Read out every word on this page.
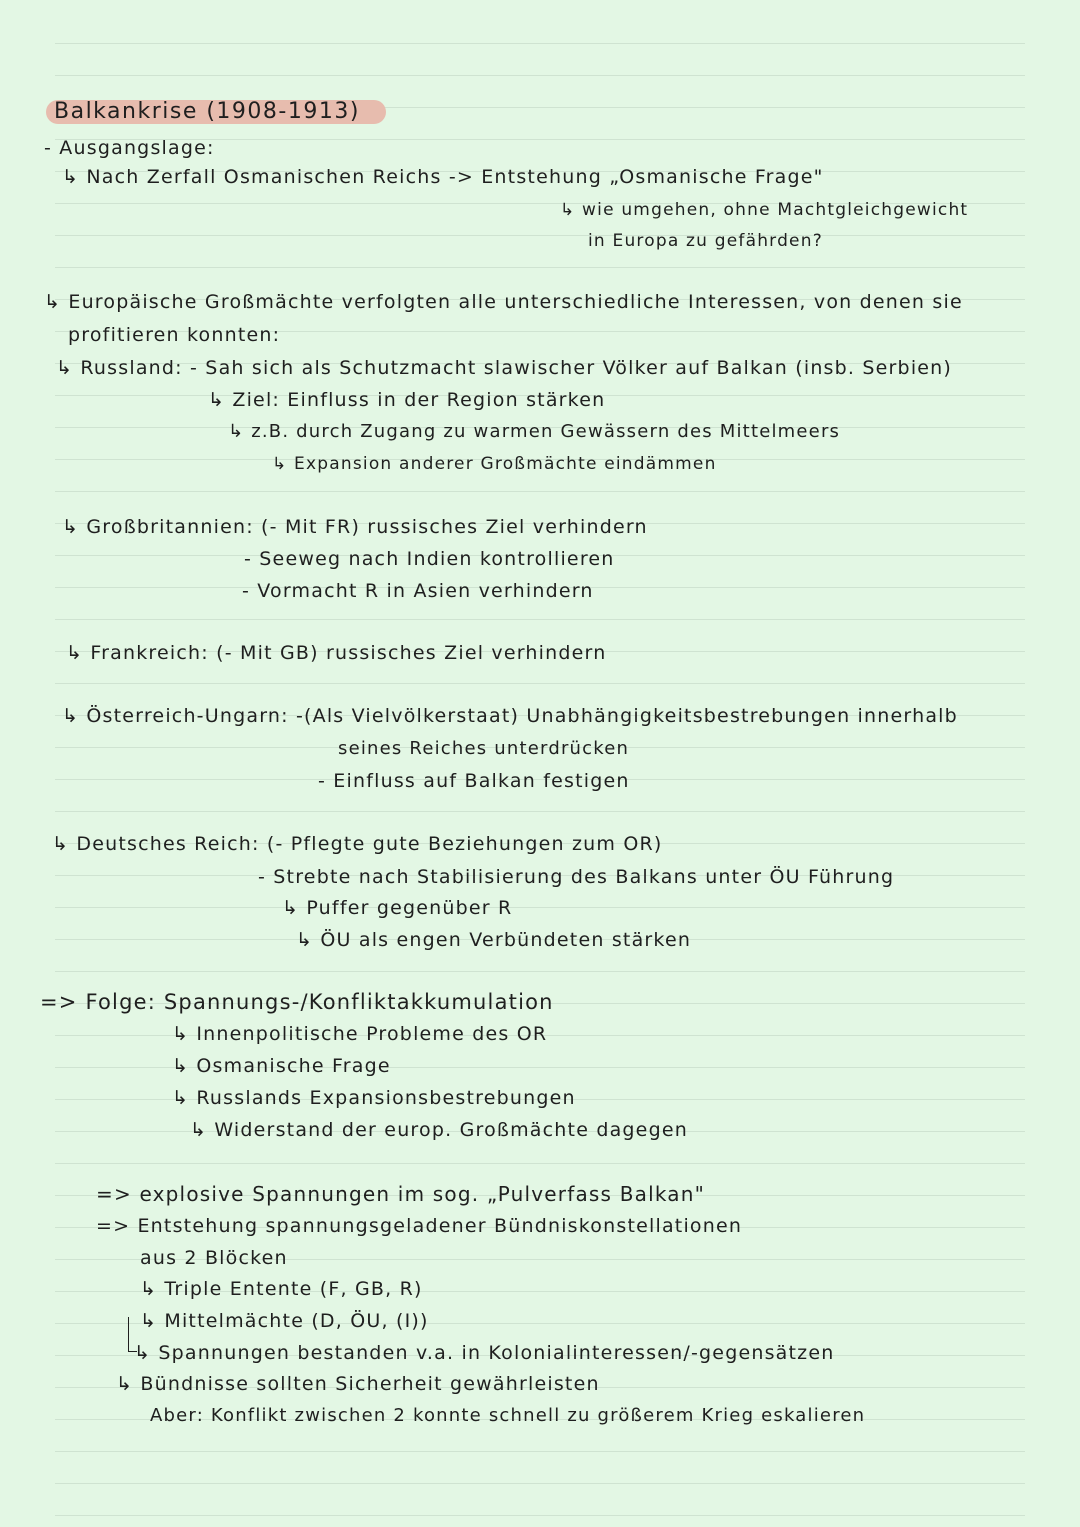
Balkankrise (1908-1913)
- Ausgangslage:
↳ Nach Zerfall Osmanischen Reichs -> Entstehung „Osmanische Frage"
↳ wie umgehen, ohne Machtgleichgewicht
in Europa zu gefährden?
↳ Europäische Großmächte verfolgten alle unterschiedliche Interessen, von denen sie
profitieren konnten:
↳ Russland: - Sah sich als Schutzmacht slawischer Völker auf Balkan (insb. Serbien)
↳ Ziel: Einfluss in der Region stärken
↳ z.B. durch Zugang zu warmen Gewässern des Mittelmeers
↳ Expansion anderer Großmächte eindämmen
↳ Großbritannien: (- Mit FR) russisches Ziel verhindern
- Seeweg nach Indien kontrollieren
- Vormacht R in Asien verhindern
↳ Frankreich: (- Mit GB) russisches Ziel verhindern
↳ Österreich-Ungarn: -(Als Vielvölkerstaat) Unabhängigkeitsbestrebungen innerhalb
seines Reiches unterdrücken
- Einfluss auf Balkan festigen
↳ Deutsches Reich: (- Pflegte gute Beziehungen zum OR)
- Strebte nach Stabilisierung des Balkans unter ÖU Führung
↳ Puffer gegenüber R
↳ ÖU als engen Verbündeten stärken
=> Folge: Spannungs-/Konfliktakkumulation
↳ Innenpolitische Probleme des OR
↳ Osmanische Frage
↳ Russlands Expansionsbestrebungen
↳ Widerstand der europ. Großmächte dagegen
=> explosive Spannungen im sog. „Pulverfass Balkan"
=> Entstehung spannungsgeladener Bündniskonstellationen
aus 2 Blöcken
↳ Triple Entente (F, GB, R)
↳ Mittelmächte (D, ÖU, (I))
↳ Spannungen bestanden v.a. in Kolonialinteressen/-gegensätzen
↳ Bündnisse sollten Sicherheit gewährleisten
Aber: Konflikt zwischen 2 konnte schnell zu größerem Krieg eskalieren
